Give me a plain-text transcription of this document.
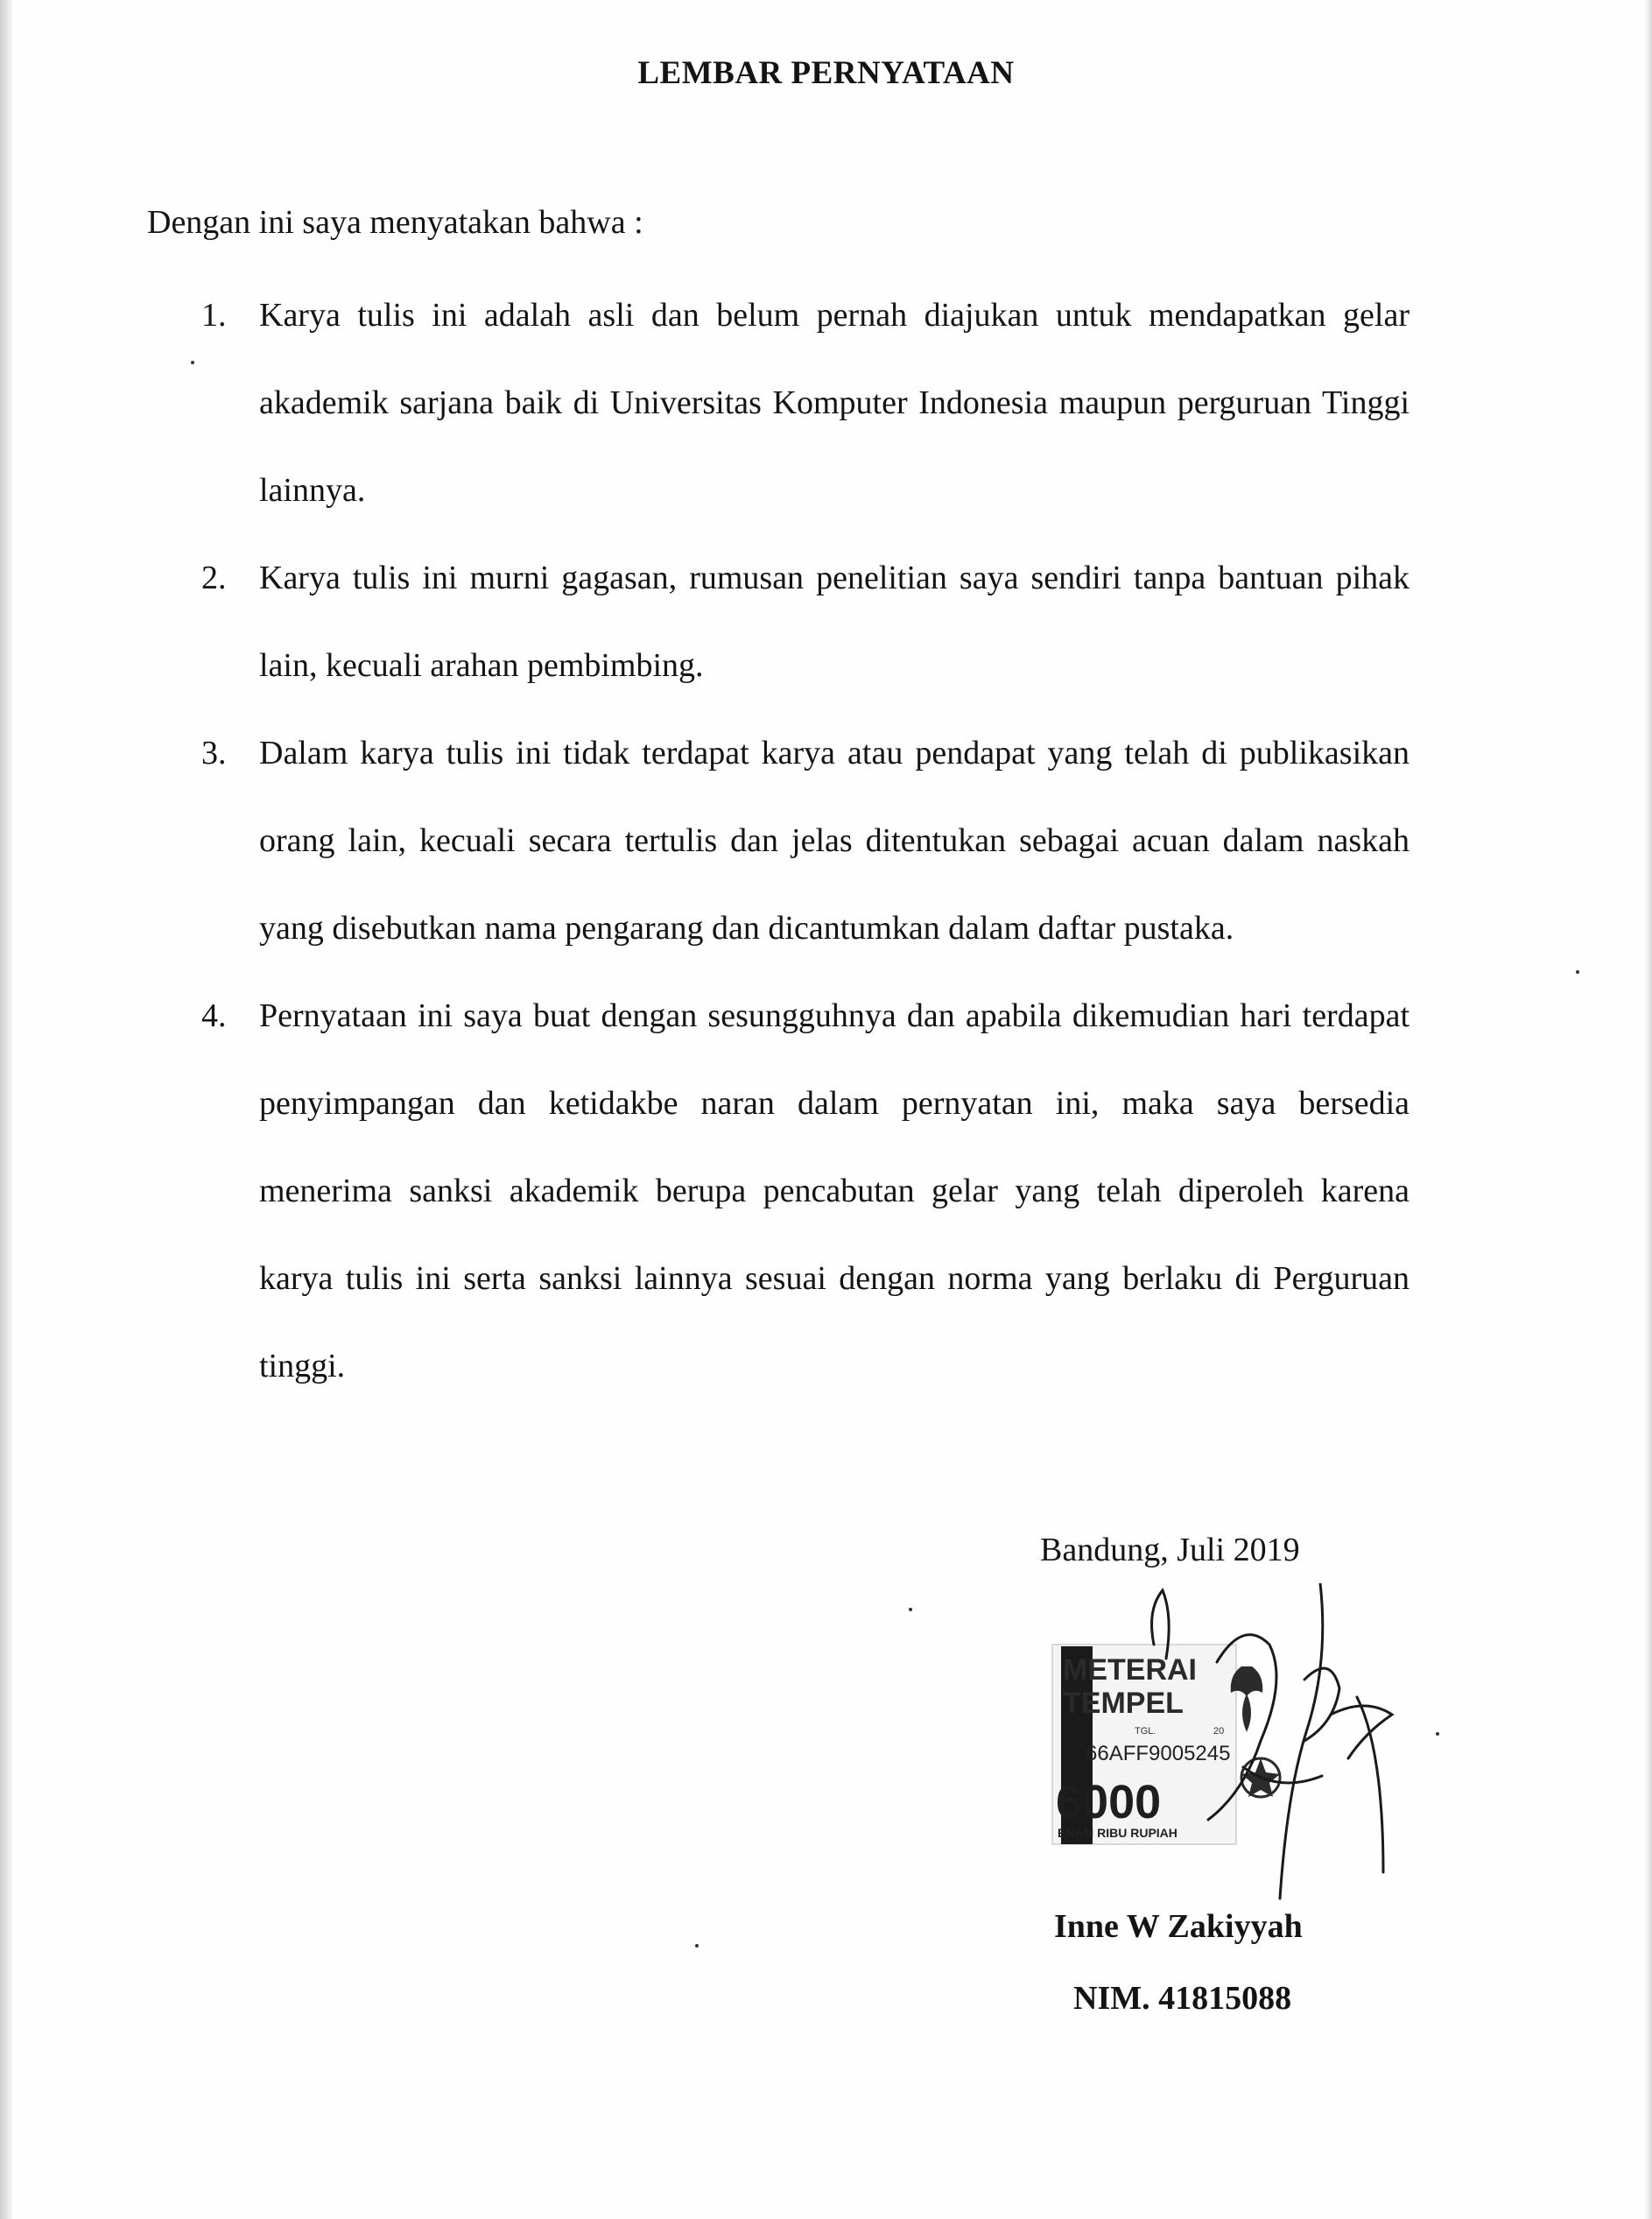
LEMBAR PERNYATAAN
Dengan ini saya menyatakan bahwa :
1. Karya tulis ini adalah asli dan belum pernah diajukan untuk mendapatkan gelar akademik sarjana baik di Universitas Komputer Indonesia maupun perguruan Tinggi lainnya.
2. Karya tulis ini murni gagasan, rumusan penelitian saya sendiri tanpa bantuan pihak lain, kecuali arahan pembimbing.
3. Dalam karya tulis ini tidak terdapat karya atau pendapat yang telah di publikasikan orang lain, kecuali secara tertulis dan jelas ditentukan sebagai acuan dalam naskah yang disebutkan nama pengarang dan dicantumkan dalam daftar pustaka.
4. Pernyataan ini saya buat dengan sesungguhnya dan apabila dikemudian hari terdapat penyimpangan dan ketidakbe naran dalam pernyatan ini, maka saya bersedia menerima sanksi akademik berupa pencabutan gelar yang telah diperoleh karena karya tulis ini serta sanksi lainnya sesuai dengan norma yang berlaku di Perguruan tinggi.
Bandung, Juli 2019
METERAI
TEMPEL
TGL.	20
66AFF9005245
6000
ENAM RIBU RUPIAH
Inne W Zakiyyah
NIM. 41815088
